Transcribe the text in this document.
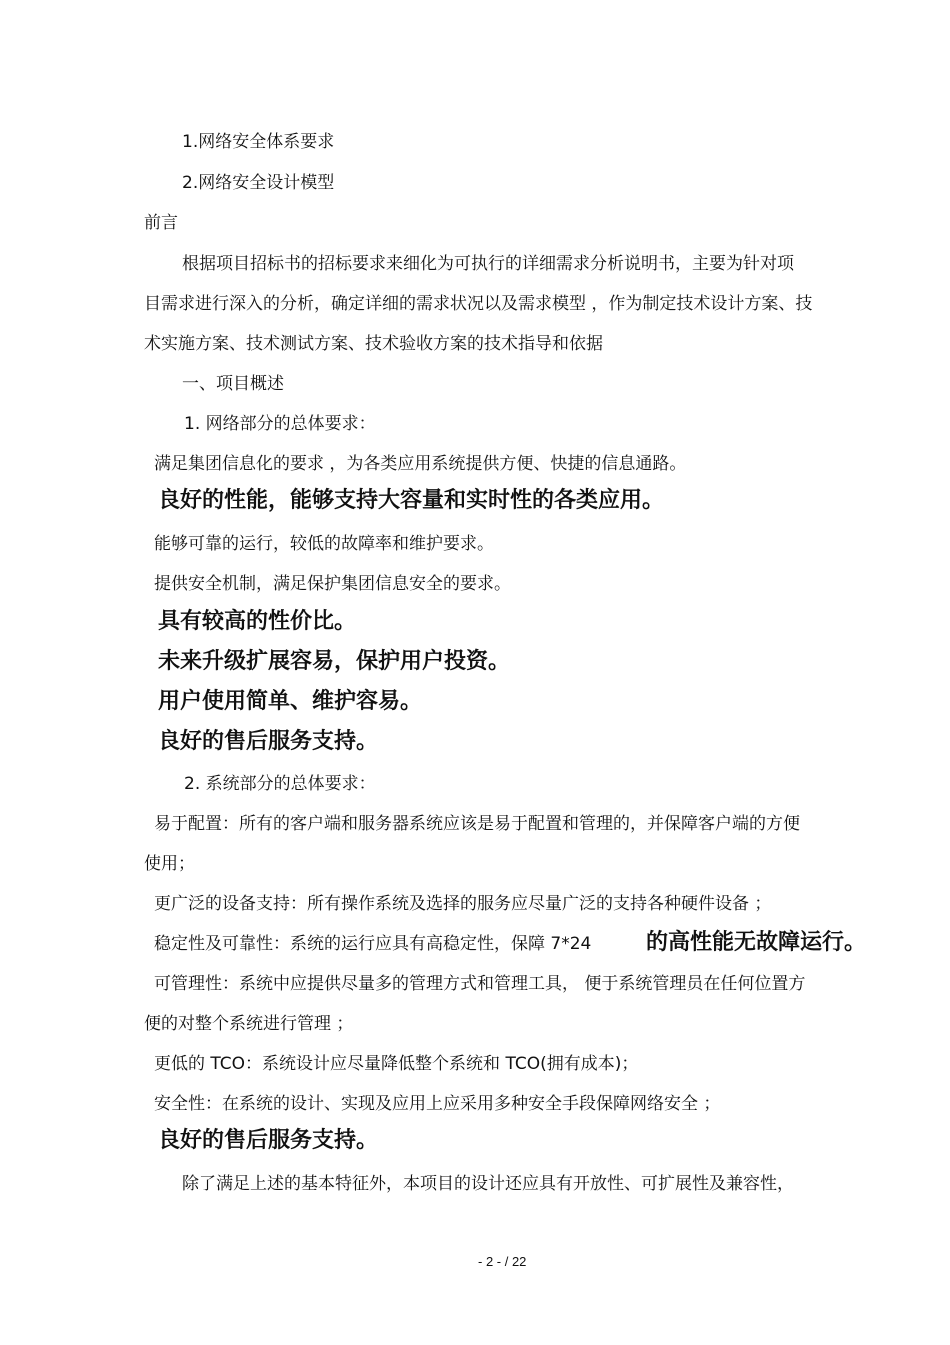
1.网络安全体系要求
2.网络安全设计模型
前言
根据项目招标书的招标要求来细化为可执行的详细需求分析说明书，主要为针对项
目需求进行深入的分析，确定详细的需求状况以及需求模型 ，作为制定技术设计方案、技
术实施方案、技术测试方案、技术验收方案的技术指导和依据
一、项目概述
1. 网络部分的总体要求：
满足集团信息化的要求 ，为各类应用系统提供方便、快捷的信息通路。
良好的性能，能够支持大容量和实时性的各类应用。
能够可靠的运行，较低的故障率和维护要求。
提供安全机制，满足保护集团信息安全的要求。
具有较高的性价比。
未来升级扩展容易，保护用户投资。
用户使用简单、维护容易。
良好的售后服务支持。
2. 系统部分的总体要求：
易于配置：所有的客户端和服务器系统应该是易于配置和管理的，并保障客户端的方便
使用；
更广泛的设备支持：所有操作系统及选择的服务应尽量广泛的支持各种硬件设备 ；
稳定性及可靠性：系统的运行应具有高稳定性，保障 7*24 的高性能无故障运行。
可管理性：系统中应提供尽量多的管理方式和管理工具， 便于系统管理员在任何位置方
便的对整个系统进行管理 ；
更低的 TCO：系统设计应尽量降低整个系统和 TCO(拥有成本)；
安全性：在系统的设计、实现及应用上应采用多种安全手段保障网络安全 ；
良好的售后服务支持。
除了满足上述的基本特征外，本项目的设计还应具有开放性、可扩展性及兼容性，
- 2 - / 22
